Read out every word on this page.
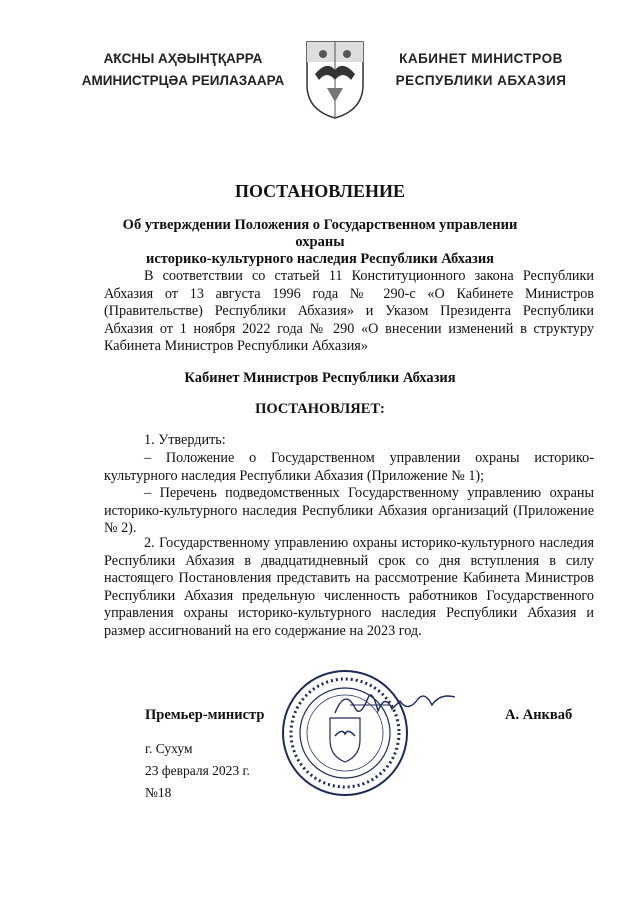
АҞСНЫ АҲӘЫНҬҚАРРА
АМИНИСТРЦӘА РЕИЛАЗААРА
КАБИНЕТ МИНИСТРОВ
РЕСПУБЛИКИ АБХАЗИЯ
ПОСТАНОВЛЕНИЕ
Об утверждении Положения о Государственном управлении охраны
историко-культурного наследия Республики Абхазия
В соответствии со статьей 11 Конституционного закона Республики Абхазия от 13 августа 1996 года № 290-с «О Кабинете Министров (Правительстве) Республики Абхазия» и Указом Президента Республики Абхазия от 1 ноября 2022 года № 290 «О внесении изменений в структуру Кабинета Министров Республики Абхазия»
Кабинет Министров Республики Абхазия
ПОСТАНОВЛЯЕТ:
1. Утвердить:
– Положение о Государственном управлении охраны историко-культурного наследия Республики Абхазия (Приложение № 1);
– Перечень подведомственных Государственному управлению охраны историко-культурного наследия Республики Абхазия организаций (Приложение № 2).
2. Государственному управлению охраны историко-культурного наследия Республики Абхазия в двадцатидневный срок со дня вступления в силу настоящего Постановления представить на рассмотрение Кабинета Министров Республики Абхазия предельную численность работников Государственного управления охраны историко-культурного наследия Республики Абхазия и размер ассигнований на его содержание на 2023 год.
Премьер-министр	А. Анкваб
г. Сухум
23 февраля 2023 г.
№18
